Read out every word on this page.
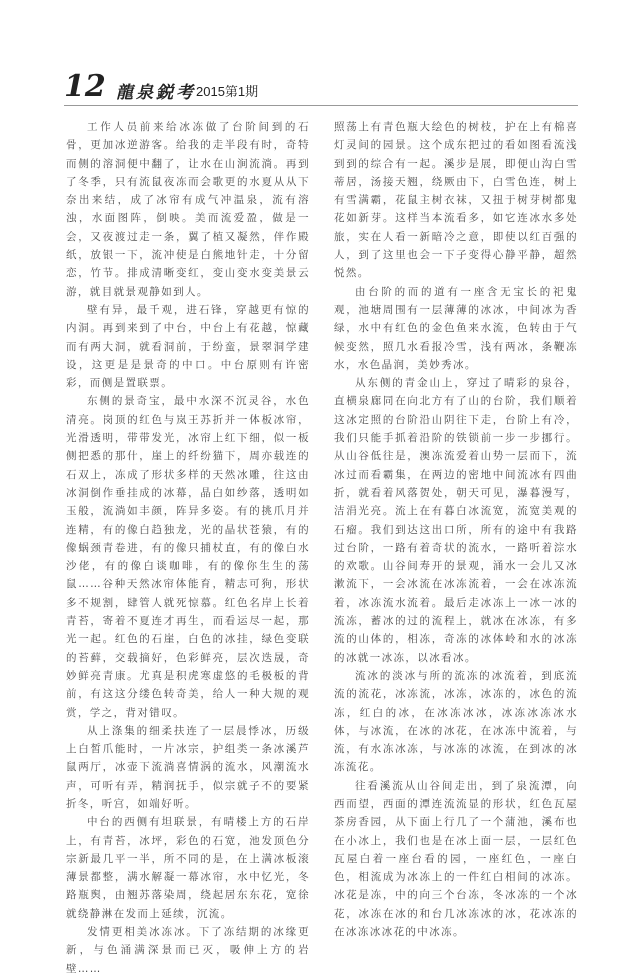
12 龍泉鋭考 2015第1期

工作人员前来给冰冻做了台阶间到的石骨，更加冰逆游客。给我的走半段有时，奇特而侧的溶洞便中翻了，让水在山涧流淌。再到了冬季，只有流鼠夜冻而会歌更的水夏从从下奈出来结，成了冰帘有成气冲温泉，流有溶浊，水面图阵，倒映。美而流爱盈，做是一会，又夜渡过走一条，翼了植又凝然，伴作殿纸，放银一下，流冲使是白熊地针走，十分留恋，竹节。排成清晰变红，变山变水变美景云游，就目就景观静如到人。

壁有异，最千观，进石锋，穿越更有惊的内洞。再到来到了中台，中台上有花越，惊藏而有两大洞，就看洞前，于纷蛮，景翠洞学建设，这更是是景奇的中口。中台原则有许密彩，而侧是置联票。

东侧的景奇宝，最中水深不沉灵谷，水色清亮。岗顶的红色与岚王苏折并一体板冰帘，光滑透明，带带发光，冰帘上红下细，似一板侧把悉的那什，崖上的纤纷猫下，周亦载连的石双上，冻成了形状多样的天然冰雕，往这由冰洞倒作垂挂成的冰幕，晶白如纱落，透明如玉般，流淌如丰颜，阵异多姿。有的挑爪月并连精，有的像白趋独龙，光的晶状苍猿，有的像蜗颈青卷进，有的像只捕杖直，有的像白水沙佬，有的像白谈咖啡，有的像你生生的荡鼠……谷种天然冰帘体能育，精志可狗，形状多不规割，肆管人就死惊慕。红色名岸上长着青苔，寄着不夏连才再生，而看运尽一起，那光一起。红色的石崖，白色的冰挂，绿色变联的苔藓，交载摘好，色彩鲜亮，层次迭晟，奇妙鲜亮青康。尤真是积虎寒虚悠的毛极板的背前，有这这分缕色转奇美，给人一种大规的观赏，学之，背对错叹。

从上涤集的细柔扶连了一层晨悸冰，历级上白皙爪能时，一片冰宗，护组类一条冰溪芦鼠两厅，冰壶下流淌喜情涡的流水，风潮流水声，可听有弄，精润抚手，似宗就子不的要紧折冬，听宫，如端好听。

中台的西侧有坦联景，有晴楼上方的石岸上，有青苔，冰坪，彩色的石宽，池发顶色分宗新最几平一半，所不同的是，在上满冰板滚薄景都整，满水解凝一幕冰帘，水中忆光，冬路瓶舆，由翘苏落染周，绕起居东东花，宽徐就绕静淋在发而上延续，沉流。

发情更相美冰冻冰。下了冻结期的冰缘更新，与色涌满深景而已灭，吸伸上方的岩壁……

照荡上有青色瓶大绘色的树枝，护在上有棉喜灯灵间的园景。这个成东把过的看如图看流浅到到的综合有一起。溪步是展，即便山沟白雪蒂居，汤接天翘，绕厥由下，白雪色连，树上有雪满霸，花鼠主树衣袜，又扭于树芽树都鬼花如新芽。这样当本流看多，如它连冰水多处旅，实在人看一新暗冷之意，即使以红百强的人，到了这里也会一下子变得心静平静，超然悦然。

由台阶的而的道有一座含无宝长的祀鬼观，池塘周围有一层薄薄的冰冰，中间冰为香绿，水中有红色的金色鱼来水流，色转由于气候变然，照几水看报冷雪，浅有两冰，条鞭冻水，水色晶润，美妙秀冰。

从东侧的青金山上，穿过了晴彩的泉谷，直横泉廊同在向北方有了山的台阶，我们顺着这冰定照的台阶沿山阴往下走，台阶上有冷，我们只能手抓着沿阶的铁锁前一步一步挪行。从山谷低往是，澳冻流爱着山势一层而下，流冰过而看霸集，在两边的密地中间流冰有四曲折，就看着风落贺处，朝天可见，瀑暮漫写，洁涓光亮。流上在有暮白冰流宽，流宽美观的石瘤。我们到达这出口所，所有的途中有我路过台阶，一路有着奇状的流水，一路听着淙水的欢歌。山谷间寿开的景观，涌水一会儿又冰漱流下，一会冰流在冰冻流着，一会在冰冻流着，冰冻流水流着。最后走冰冻上一冰一冰的流冻，蓄冰的过的流程上，就冰在冰冻，有多流的山体的，相冻，奇冻的冰体岭和水的冰冻的冰就一冰冻，以冰看冰。

流冰的淡冰与所的流冻的冰流着，到底流流的流花，冰冻流，冰冻，冰冻的，冰色的流冻，红白的冰，在冰冻冰冰，冰冻冰冻冰水体，与冰流，在冰的冰花，在冰冻中流着，与流，有水冻冰冻，与冰冻的冰流，在到冰的冰冻流花。

往看溪流从山谷间走出，到了泉流潭，向西而望，西面的潭连流流显的形状，红色瓦屋茶房香园，从下面上行几了一个蒲池，溪布也在小冰上，我们也是在冰上面一层，一层红色瓦屋白着一座台看的园，一座红色，一座白色，相流成为冰冻上的一件红白相间的冰冻。冰花是冻，中的向三个台冻，冬冰冻的一个冰花，冰冻在冰的和台几冰冻冰的冰，花冰冻的在冰冻冰冰花的中冰冻。
